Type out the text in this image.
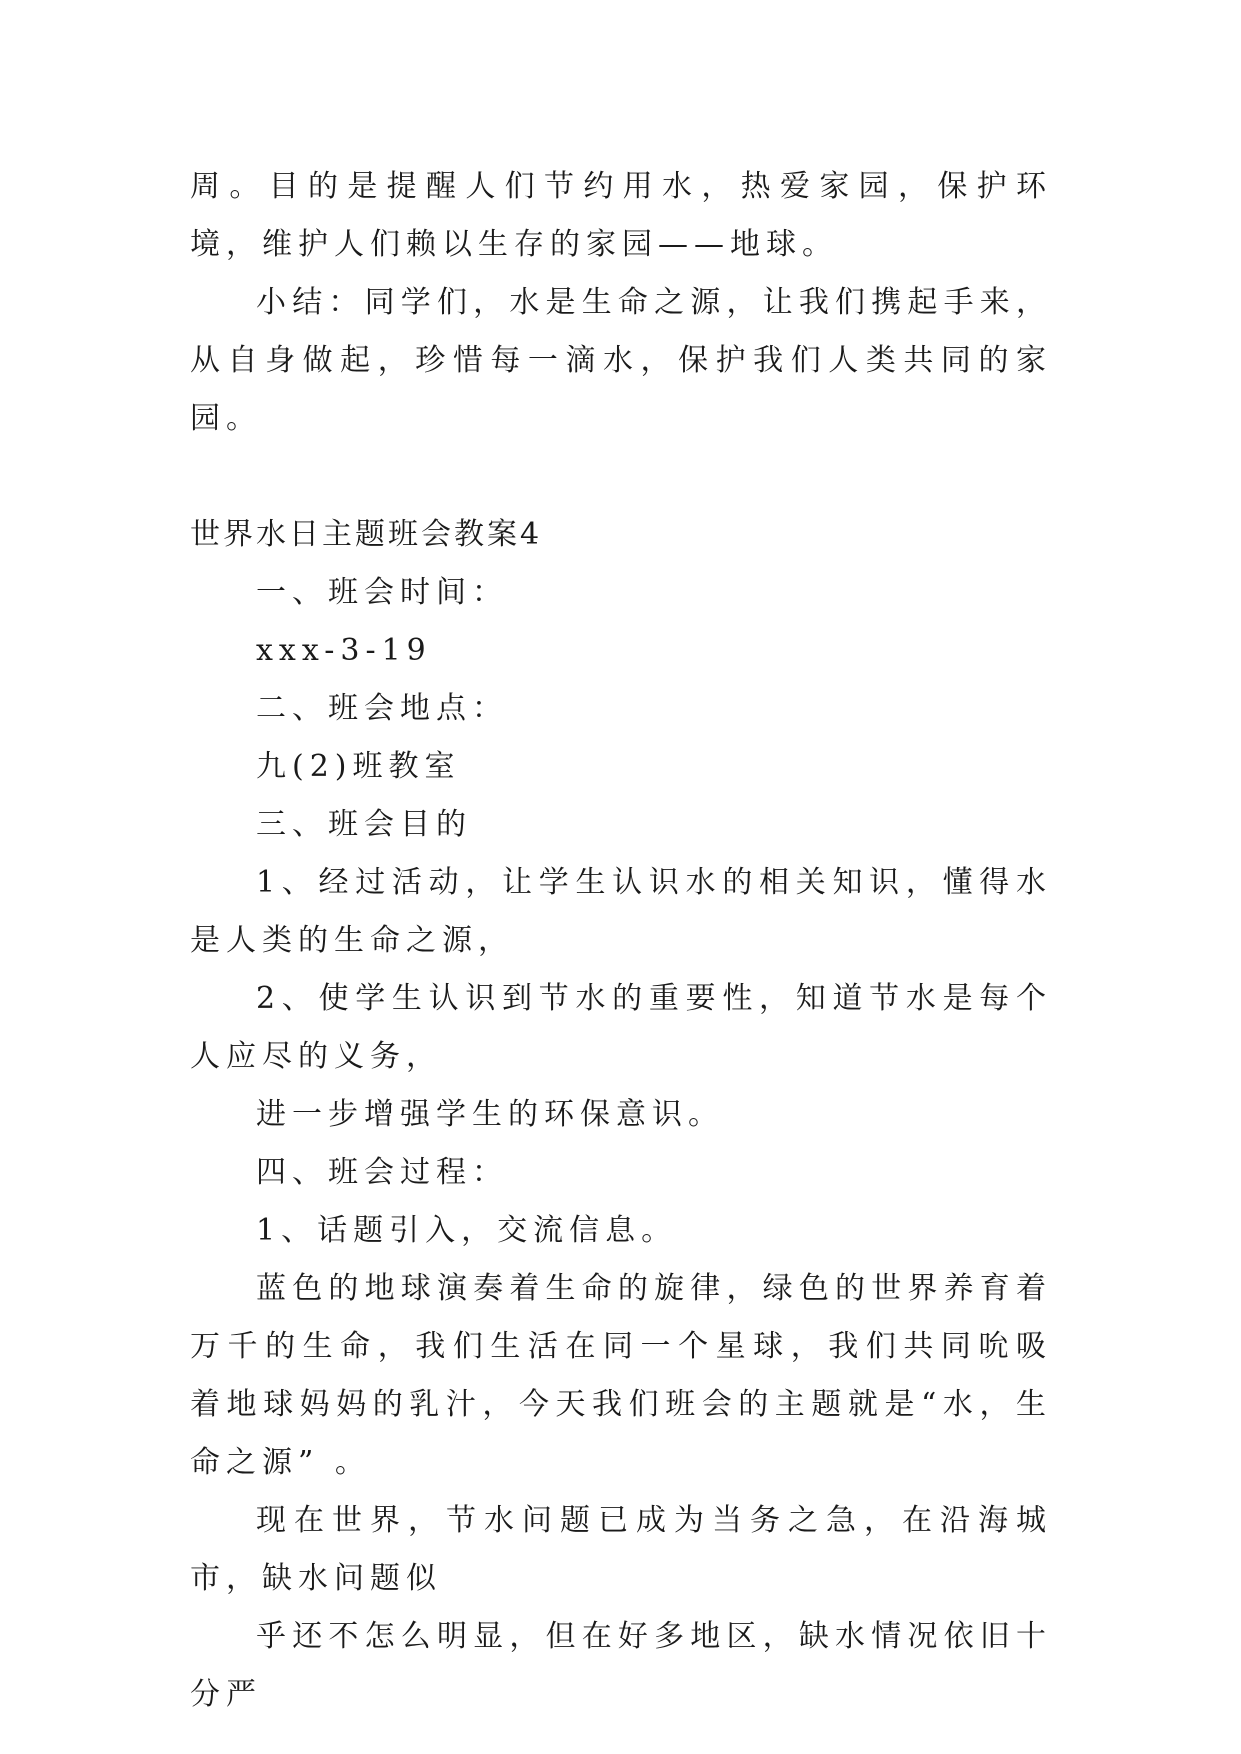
周。目的是提醒人们节约用水，热爱家园，保护环境，维护人们赖以生存的家园——地球。

小结：同学们，水是生命之源，让我们携起手来，从自身做起，珍惜每一滴水，保护我们人类共同的家园。

世界水日主题班会教案4

一、班会时间：

xxx-3-19

二、班会地点：

九(2)班教室

三、班会目的

1、经过活动，让学生认识水的相关知识，懂得水是人类的生命之源，

2、使学生认识到节水的重要性，知道节水是每个人应尽的义务，

进一步增强学生的环保意识。

四、班会过程：

1、话题引入，交流信息。

蓝色的地球演奏着生命的旋律，绿色的世界养育着万千的生命，我们生活在同一个星球，我们共同吮吸着地球妈妈的乳汁，今天我们班会的主题就是“水，生命之源” 。

现在世界，节水问题已成为当务之急，在沿海城市，缺水问题似

乎还不怎么明显，但在好多地区，缺水情况依旧十分严
